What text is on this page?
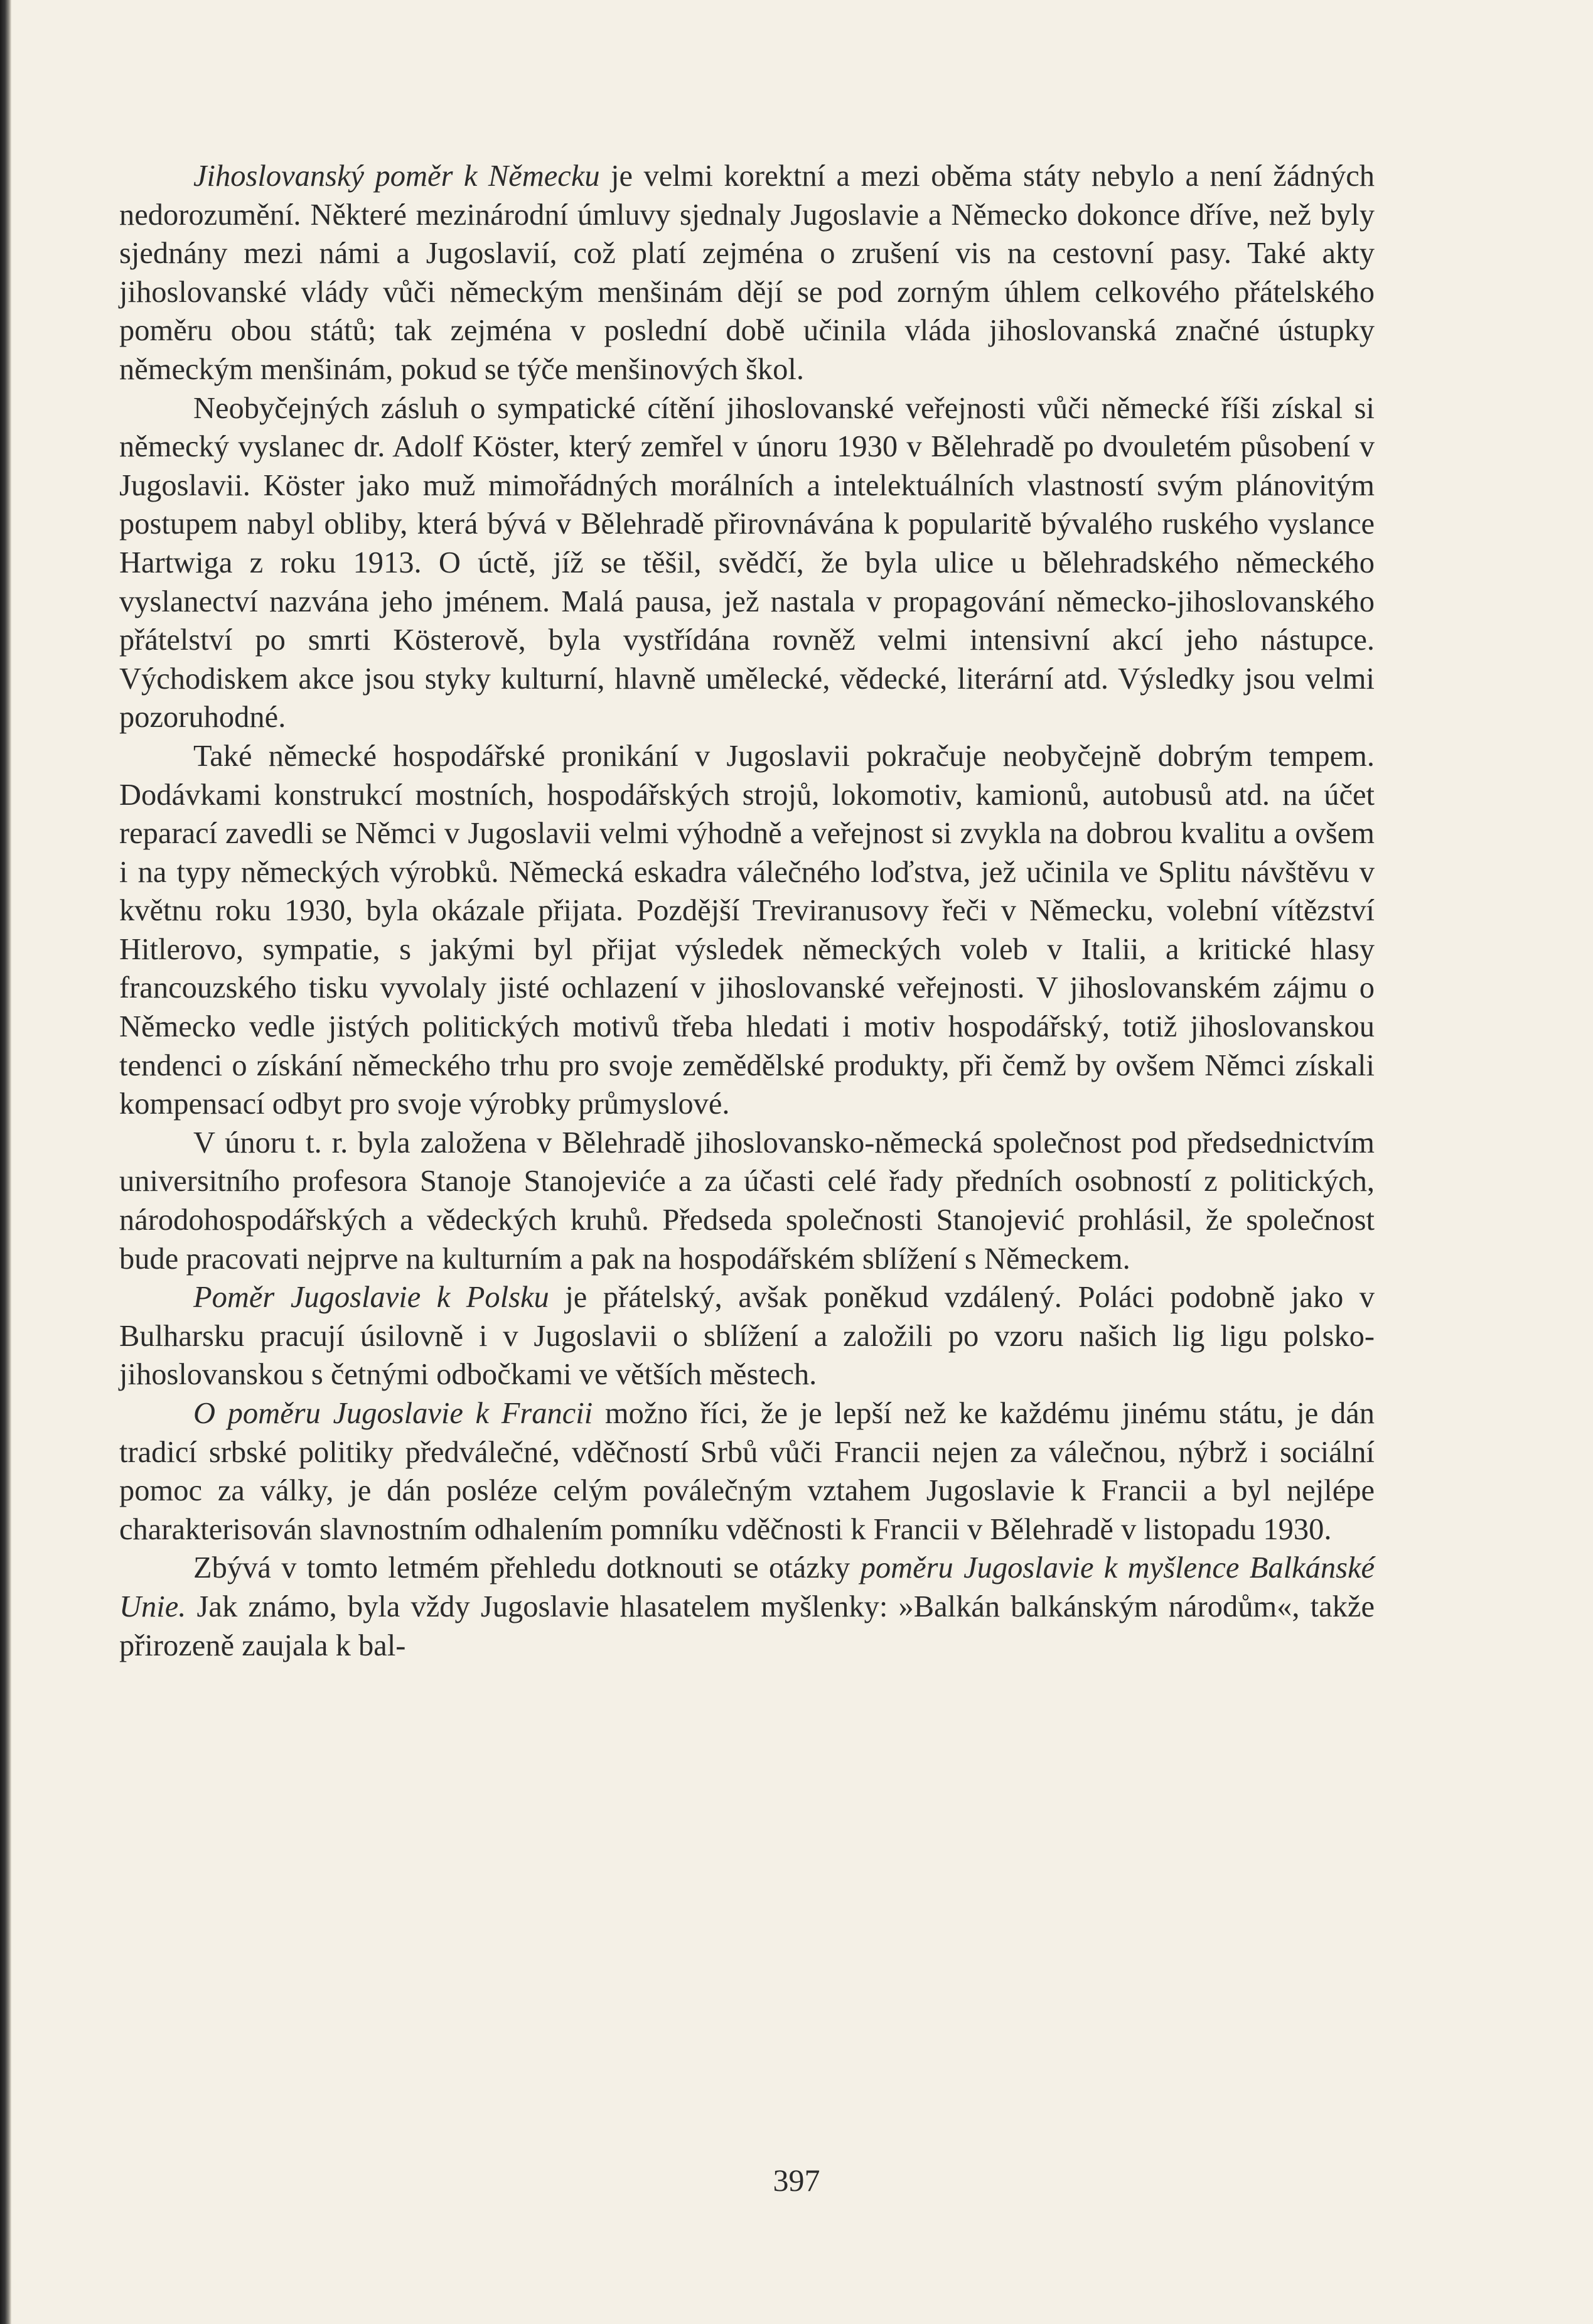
Jihoslovanský poměr k Německu je velmi korektní a mezi oběma státy nebylo a není žádných nedorozumění. Některé mezinárodní úmluvy sjednaly Jugoslavie a Německo dokonce dříve, než byly sjednány mezi námi a Jugoslavií, což platí zejména o zrušení vis na cestovní pasy. Také akty jihoslovanské vlády vůči německým menšinám dějí se pod zorným úhlem celkového přátelského poměru obou států; tak zejména v poslední době učinila vláda jihoslovanská značné ústupky německým menšinám, pokud se týče menšinových škol.

Neobyčejných zásluh o sympatické cítění jihoslovanské veřejnosti vůči německé říši získal si německý vyslanec dr. Adolf Köster, který zemřel v únoru 1930 v Bělehradě po dvouletém působení v Jugoslavii. Köster jako muž mimořádných morálních a intelektuálních vlastností svým plánovitým postupem nabyl obliby, která bývá v Bělehradě přirovnávána k popularitě bývalého ruského vyslance Hartwiga z roku 1913. O úctě, jíž se těšil, svědčí, že byla ulice u bělehradského německého vyslanectví nazvána jeho jménem. Malá pausa, jež nastala v propagování německo-jihoslovanského přátelství po smrti Kösterově, byla vystřídána rovněž velmi intensivní akcí jeho nástupce. Východiskem akce jsou styky kulturní, hlavně umělecké, vědecké, literární atd. Výsledky jsou velmi pozoruhodné.

Také německé hospodářské pronikání v Jugoslavii pokračuje neobyčejně dobrým tempem. Dodávkami konstrukcí mostních, hospodářských strojů, lokomotiv, kamionů, autobusů atd. na účet reparací zavedli se Němci v Jugoslavii velmi výhodně a veřejnost si zvykla na dobrou kvalitu a ovšem i na typy německých výrobků. Německá eskadra válečného loďstva, jež učinila ve Splitu návštěvu v květnu roku 1930, byla okázale přijata. Pozdější Treviranusovy řeči v Německu, volební vítězství Hitlerovo, sympatie, s jakými byl přijat výsledek německých voleb v Italii, a kritické hlasy francouzského tisku vyvolaly jisté ochlazení v jihoslovanské veřejnosti. V jihoslovanském zájmu o Německo vedle jistých politických motivů třeba hledati i motiv hospodářský, totiž jihoslovanskou tendenci o získání německého trhu pro svoje zemědělské produkty, při čemž by ovšem Němci získali kompensací odbyt pro svoje výrobky průmyslové.

V únoru t. r. byla založena v Bělehradě jihoslovansko-německá společnost pod předsednictvím universitního profesora Stanoje Stanojeviće a za účasti celé řady předních osobností z politických, národohospodářských a vědeckých kruhů. Předseda společnosti Stanojević prohlásil, že společnost bude pracovati nejprve na kulturním a pak na hospodářském sblížení s Německem.

Poměr Jugoslavie k Polsku je přátelský, avšak poněkud vzdálený. Poláci podobně jako v Bulharsku pracují úsilovně i v Jugoslavii o sblížení a založili po vzoru našich lig ligu polsko-jihoslovanskou s četnými odbočkami ve větších městech.

O poměru Jugoslavie k Francii možno říci, že je lepší než ke každému jinému státu, je dán tradicí srbské politiky předválečné, vděčností Srbů vůči Francii nejen za válečnou, nýbrž i sociální pomoc za války, je dán posléze celým poválečným vztahem Jugoslavie k Francii a byl nejlépe charakterisován slavnostním odhalením pomníku vděčnosti k Francii v Bělehradě v listopadu 1930.

Zbývá v tomto letmém přehledu dotknouti se otázky poměru Jugoslavie k myšlence Balkánské Unie. Jak známo, byla vždy Jugoslavie hlasatelem myšlenky: »Balkán balkánským národům«, takže přirozeně zaujala k bal-

397
